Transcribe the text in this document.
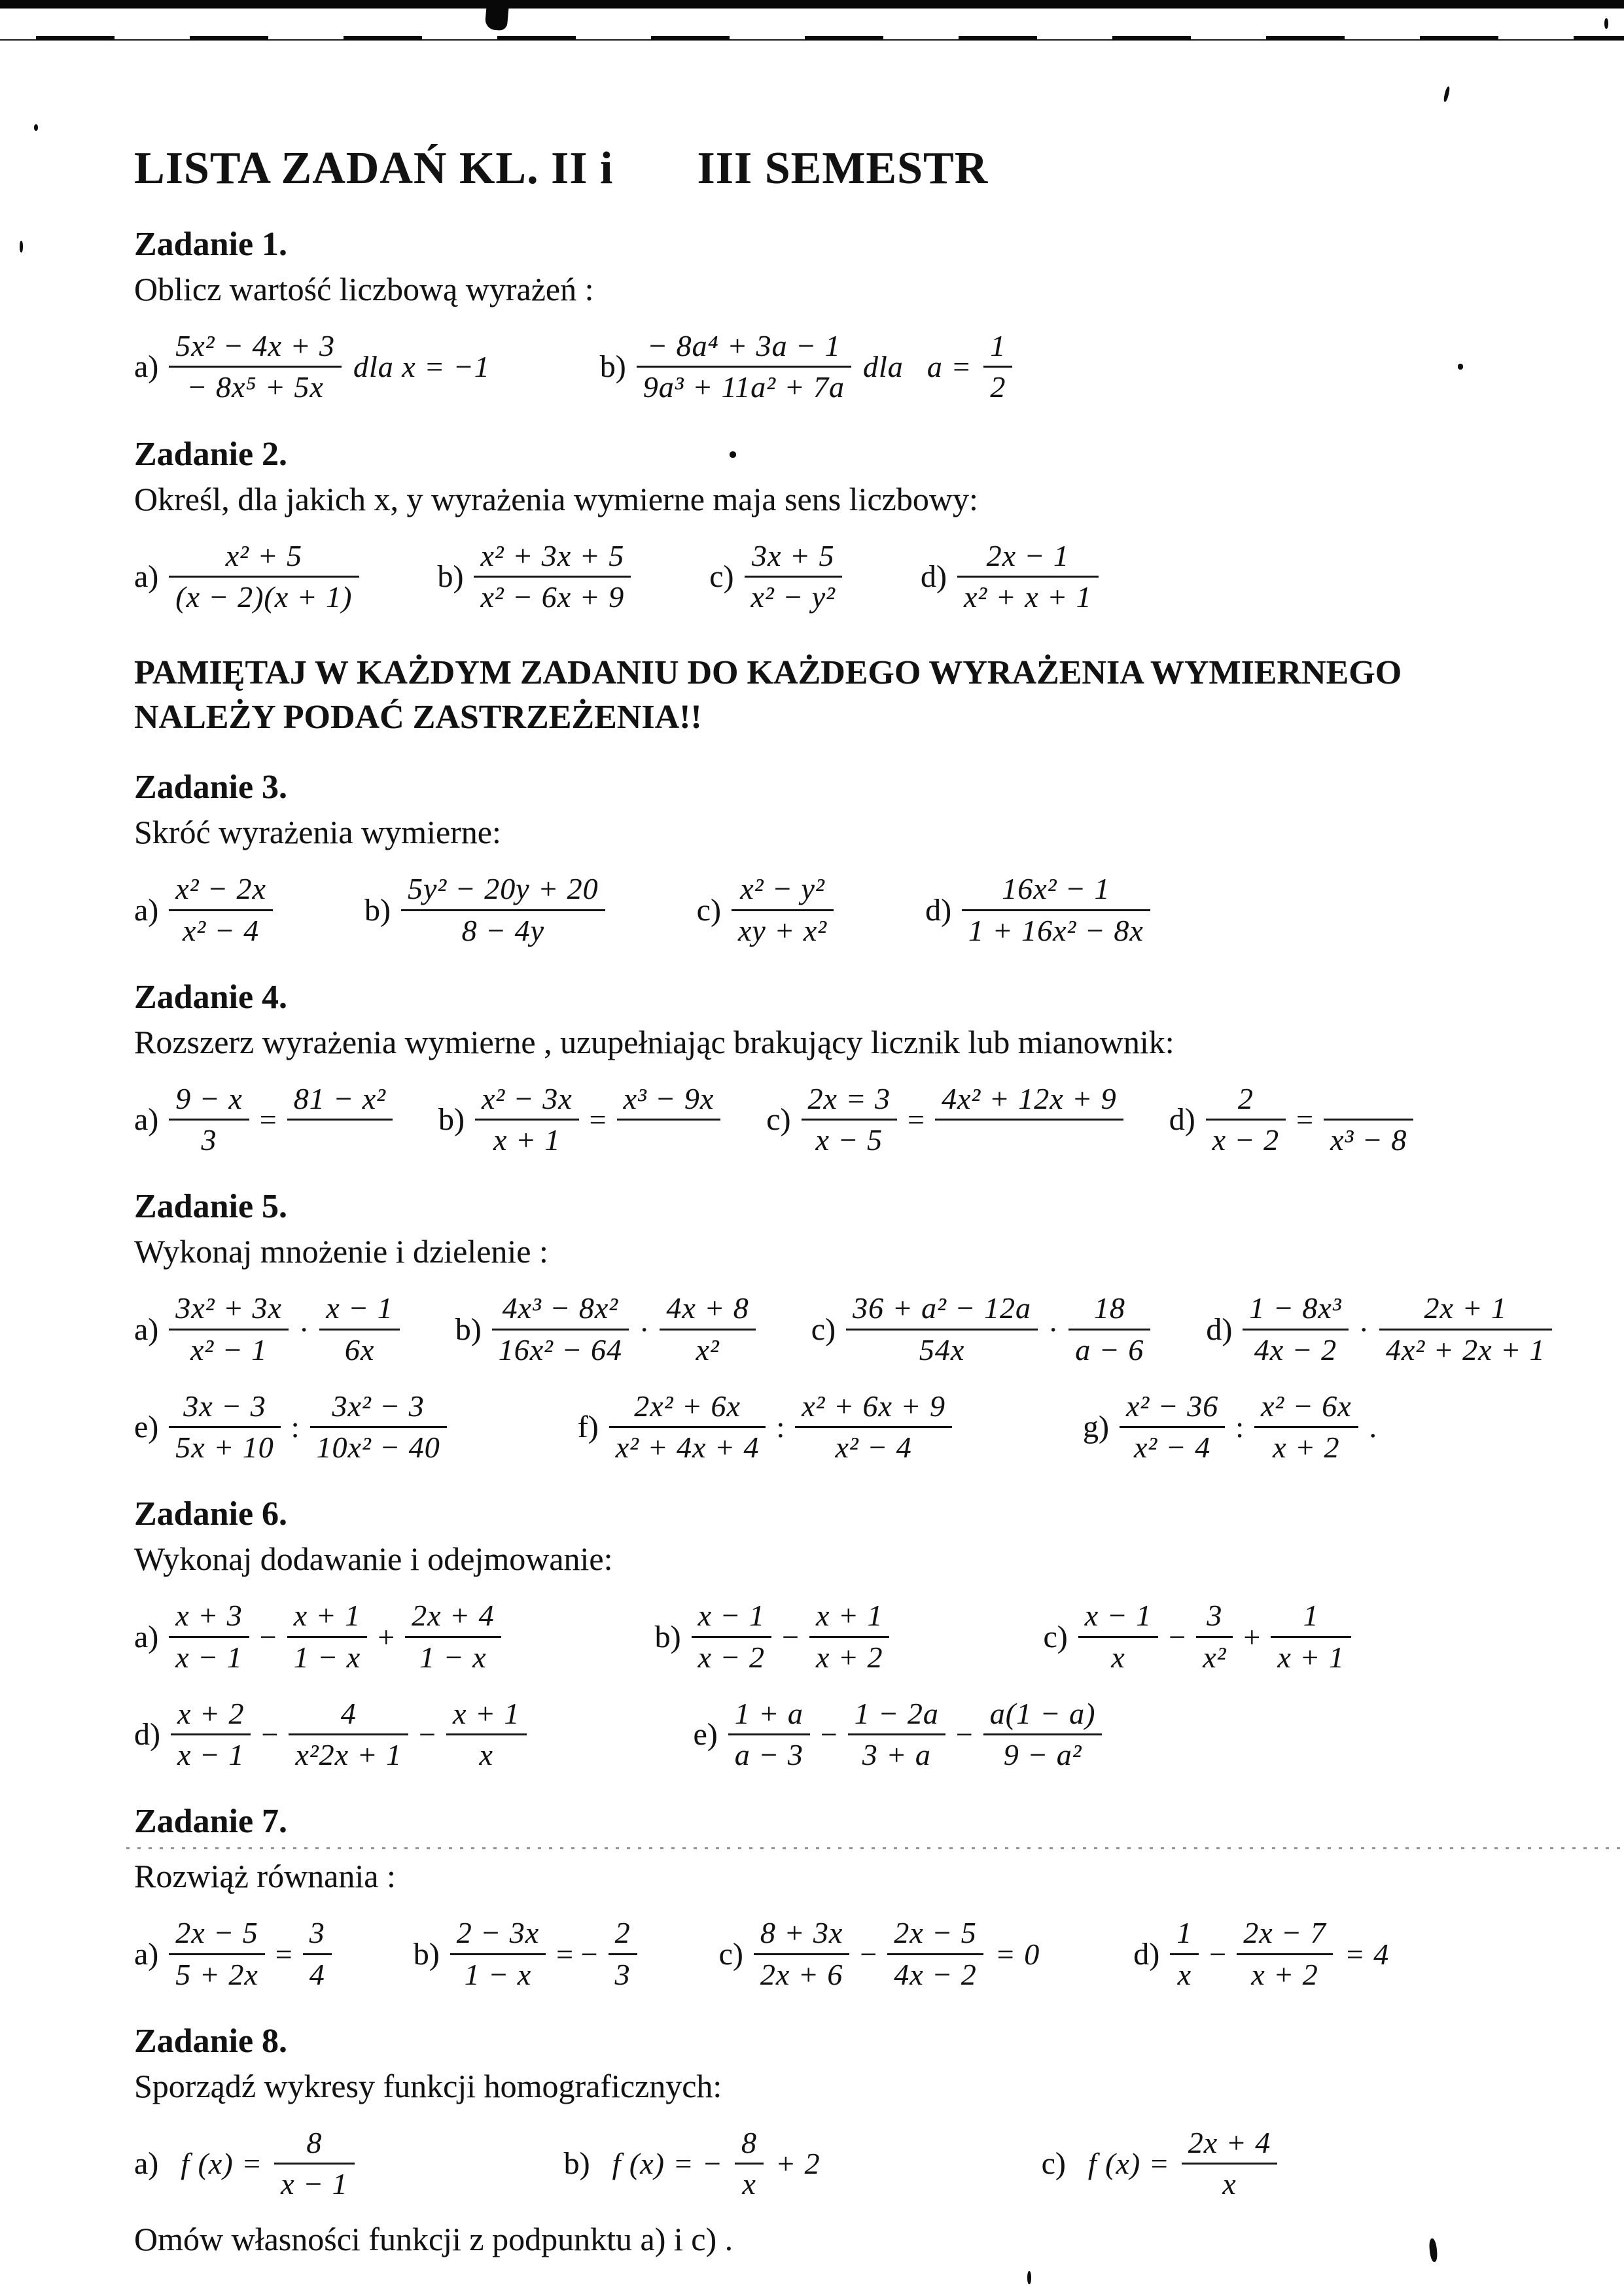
LISTA ZADAŃ KL. II i III SEMESTR
Zadanie 1.
Oblicz wartość liczbową wyrażeń :
$a) \frac{\text{5x² − 4x + 3}}{\text{− 8x⁵ + 5x}}$ dla x = −1	$b) \frac{\text{− 8a⁴ + 3a − 1}}{\text{9a³ + 11a² + 7a}}$ dla $a = \frac{1}{2}$
Zadanie 2.
Określ, dla jakich x, y wyrażenia wymierne maja sens liczbowy:
$a) \frac{\text{x² + 5}}{(x - 2)(x + 1)}$	$b) \frac{\text{x² + 3x + 5}}{\text{x² − 6x + 9}}$	$c) \frac{3x + 5}{\text{x² − y²}}$	$d) \frac{2x - 1}{\text{x² + x + 1}}$
PAMIĘTAJ W KAŻDYM ZADANIU DO KAŻDEGO WYRAŻENIA WYMIERNEGO
NALEŻY PODAĆ ZASTRZEŻENIA!!
Zadanie 3.
Skróć wyrażenia wymierne:
$a) \frac{\text{x² − 2x}}{\text{x² − 4}}$	$b) \frac{\text{5y² − 20y + 20}}{8 - 4y}$	$c) \frac{\text{x² − y²}}{\text{xy + x²}}$	$d) \frac{\text{16x² − 1}}{\text{1 + 16x² − 8x}}$
Zadanie 4.
Rozszerz wyrażenia wymierne , uzupełniając brakujący licznik lub mianownik:
$a) \frac{9 - x}{3}$ =
81 − x²
$b) \frac{\text{x² − 3x}}{x + 1}$ =
x³ − 9x
$c) \frac{2x = 3}{x - 5}$ =
4x² + 12x + 9
$d) \frac{2}{x - 2}$ =
x³ − 8
Zadanie 5.
Wykonaj mnożenie i dzielenie :
$a) \frac{\text{3x² + 3x}}{\text{x² − 1}} \cdot \frac{x - 1}{6x} b) \frac{\text{4x³ − 8x²}}{\text{16x² − 64}} \cdot \frac{4x + 8}{\text{x²}} c) \frac{\text{36 + a² − 12a}}{54x} \cdot \frac{18}{a - 6} d) \frac{\text{1 − 8x³}}{4x - 2} \cdot \frac{2x + 1}{\text{4x² + 2x + 1}}$
$e) \frac{3x - 3}{5x + 10}$ : $\frac{\text{3x² − 3}}{\text{10x² − 40}}$	$f) \frac{\text{2x² + 6x}}{\text{x² + 4x + 4}}$ : $\frac{\text{x² + 6x + 9}}{\text{x² − 4}}$	$g) \frac{\text{x² − 36}}{\text{x² − 4}}$ : $\frac{\text{x² − 6x}}{x + 2}$ .
Zadanie 6.
Wykonaj dodawanie i odejmowanie:
$a) \frac{x + 3}{x - 1} - \frac{x + 1}{1 - x} + \frac{2x + 4}{1 - x}$	$b) \frac{x - 1}{x - 2} - \frac{x + 1}{x + 2}$	$c) \frac{x - 1}{x} - \frac{3}{\text{x²}} + \frac{1}{x + 1}$
$d) \frac{x + 2}{x - 1} - \frac{4}{\text{x²2x + 1}} - \frac{x + 1}{x}$	$e) \frac{1 + a}{a - 3} - \frac{1 - 2a}{3 + a} - \frac{a(1 - a)}{\text{9 − a²}}$
Zadanie 7.
Rozwiąż równania :
$a) \frac{2x - 5}{5 + 2x} = \frac{3}{4}$	$b) \frac{2 - 3x}{1 - x}$ = − $\frac{2}{3}$	$c) \frac{8 + 3x}{2x + 6} - \frac{2x - 5}{4x - 2} = 0$	$d) \frac{1}{x} - \frac{2x - 7}{x + 2} = 4$
Zadanie 8.
Sporządź wykresy funkcji homograficznych:
a) f $(x) = \frac{8}{x - 1}$	b) f (x) = − $\frac{8}{x} + 2$	c) f $(x) = \frac{2x + 4}{x}$
Omów własności funkcji z podpunktu a) i c) .
